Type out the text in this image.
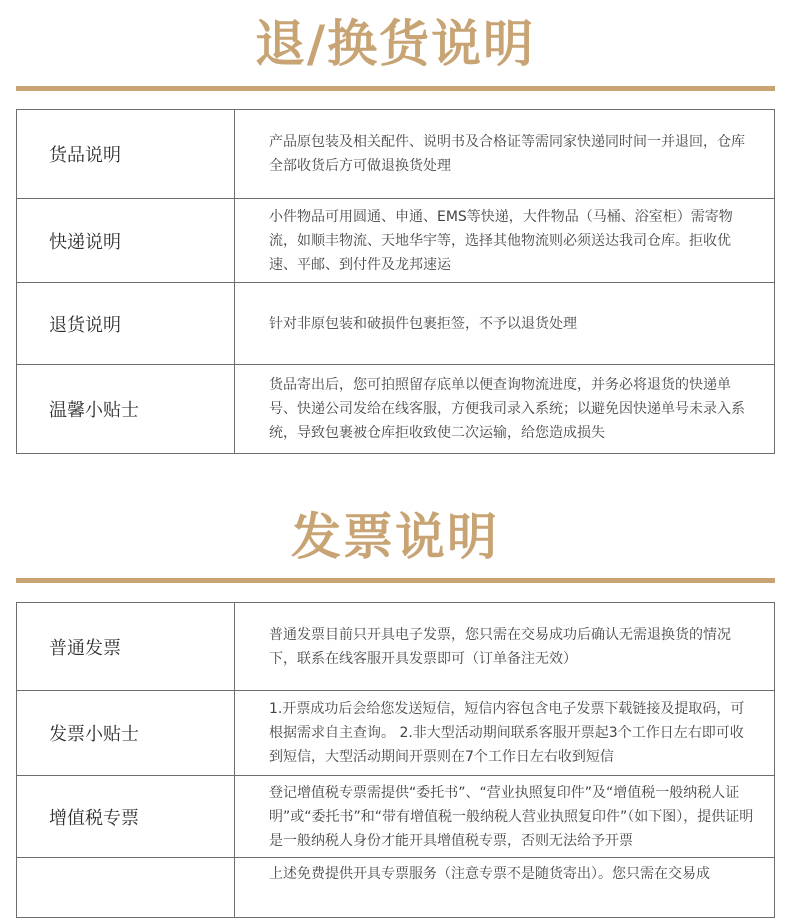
退/换货说明
货品说明	产品原包装及相关配件、说明书及合格证等需同家快递同时间一并退回，仓库全部收货后方可做退换货处理
快递说明	小件物品可用圆通、申通、EMS等快递，大件物品（马桶、浴室柜）需寄物流，如顺丰物流、天地华宇等，选择其他物流则必须送达我司仓库。拒收优速、平邮、到付件及龙邦速运
退货说明	针对非原包装和破损件包裹拒签，不予以退货处理
温馨小贴士	货品寄出后，您可拍照留存底单以便查询物流进度，并务必将退货的快递单号、快递公司发给在线客服，方便我司录入系统；以避免因快递单号未录入系统，导致包裹被仓库拒收致使二次运输，给您造成损失
发票说明
普通发票	普通发票目前只开具电子发票，您只需在交易成功后确认无需退换货的情况下，联系在线客服开具发票即可（订单备注无效）
发票小贴士	1.开票成功后会给您发送短信，短信内容包含电子发票下载链接及提取码，可根据需求自主查询。 2.非大型活动期间联系客服开票起3个工作日左右即可收到短信，大型活动期间开票则在7个工作日左右收到短信
增值税专票	登记增值税专票需提供“委托书”、“营业执照复印件”及“增值税一般纳税人证明”或“委托书”和“带有增值税一般纳税人营业执照复印件”（如下图），提供证明是一般纳税人身份才能开具增值税专票，否则无法给予开票
	上述免费提供开具专票服务（注意专票不是随货寄出）。您只需在交易成
